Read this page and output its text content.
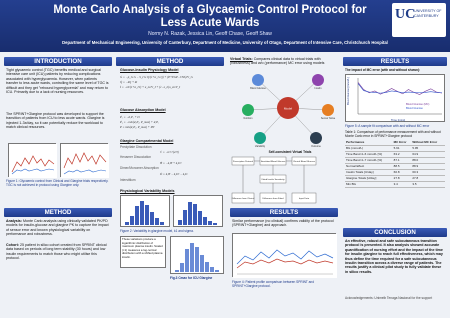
Monte Carlo Analysis of a Glycaemic Control Protocol for
Less Acute Wards
Normy N. Razak, Jessica Lin, Geoff Chase, Geoff Shaw
Department of Mechanical Engineering, University of Canterbury, Department of Medicine, University of Otago, Department of Intensive Care, Christchurch Hospital
UC
UNIVERSITY OF CANTERBURY
INTRODUCTION
Tight glycaemic control (TGC) benefits medical and surgical intensive care unit (ICU) patients by reducing complications associated with hyperglycaemia. However, when patients transfer to less acute wards, controlling the same level of TGC is difficult and they get "rebound hyperglycemia" and may return to ICU. Primarily due to a lack of nursing resources.
The SPRINT+Glargine protocol was developed to support the transition of patients from ICU to less acute wards. Glargine is injected 1-3x/day, so it can potentially reduce the workload to match clinical resources.
Figure 1: Glycaemic control from Clinical and Glargine trials respectively. TGC is not achieved in protocol using Glargine only.
METHOD
Analysis: Monte Carlo analysis using clinically validated PK/PD models for insulin-glucose and glargine PK to capture the impact of sensor error and known physiological variability on performance and robustness.
Cohort: 25 patient in silico cohort created from SPRINT clinical data based on periods of long term stability (30 hours) and low insulin requirements to match those who might utilise this protocol.
METHOD
Glucose-Insulin Physiology Model
Ġ = −p_G G − S_I G Q/(1+α_G Q) + (P+EGP−CNS)/V_G
Q̇ = −kQ + kI
İ = −nI/(1+α_I I) + u_ex/V_I + (1−x_L)u_en/V_I
Glucose Absorption Model
Ṗ₁ = −d₁P₁ + D
Ṗ₂ = −min(d₂P₂, P_max) + d₁P₁
P = min(d₂P₂, P_max) + PN
Glargine Compartmental Model
Precipitate Dissolution
Ċ = −k·C^(2/3)
Hexamer Dissociation
Ḣ = −k₁H + k₂D³
Dimer/Monomer Absorption
Ḋ = k₁H − k₂D³ − k₃D
Interstitium
Physiological Variability Models
Figure 2: Variability in glargine model, k1 and sigma.
These variations produce a logarithmic distribution of maximum plasma insulin. Scaled (×1) measures a log-normal distribution with a shifted plasma insulin.
Fig.3 Cmax for ICU Glargine
Virtual Trials: Compares clinical data to virtual trials with (robustness) and w/o (performance) MC error using models
Model
Blood Glucose	Insulin
Nutrition	Sensor Noise
Variability	Outcome
Self-consistent Virtual Trials
Prescription Protocol	Simulated Blood Glucose	Clinical Blood Glucose
Fitted Insulin Sensitivity
Difference from Clinical	Difference from Fitted	Input Data
RESULTS
Similar performance (no clinical) confirms validity of the protocol (SPRINT+Glargine) and approach.
Figure 4: Patient profile comparison between SPRINT and SPRINT+Glargine protocol.
RESULTS
The impact of MC error (with and without shown):
Blood Glucose (MC)
Blood Glucose
Blood Glucose [mmol/L]
Time [mins]
Figure 5: A sample fit comparison with and without MC error
Table 1: Comparison of performance measurement with and without Monte Carlo error in SPRINT+Glargine protocol
Performance	MC Error	Without MC Error
BG (mmol/L)	5.91	5.95
Time Band 4–6 mmol/L [%]	63.2	64.9
Time Band 4–7 mmol/L [%]	87.1	88.0
Normal Effect	88.5	88.9
Insulin Totals [U/day]	60.8	60.3
Glargine Totals [U/day]	27.8	27.8
Min BG	3.4	3.5
CONCLUSION
An effective, robust and safe subcutaneous transition protocol is presented. It also analysis showed accurate quantification of nursing effort and the impact of the time for insulin glargine to reach full effectiveness, which may thus define the time required for a safe subcutaneous insulin transition across a diverse range of patients. The results justify a clinical pilot study to fully validate these in silico results.
Acknowledgements: Unimelb Tenaga Nasional for the support
